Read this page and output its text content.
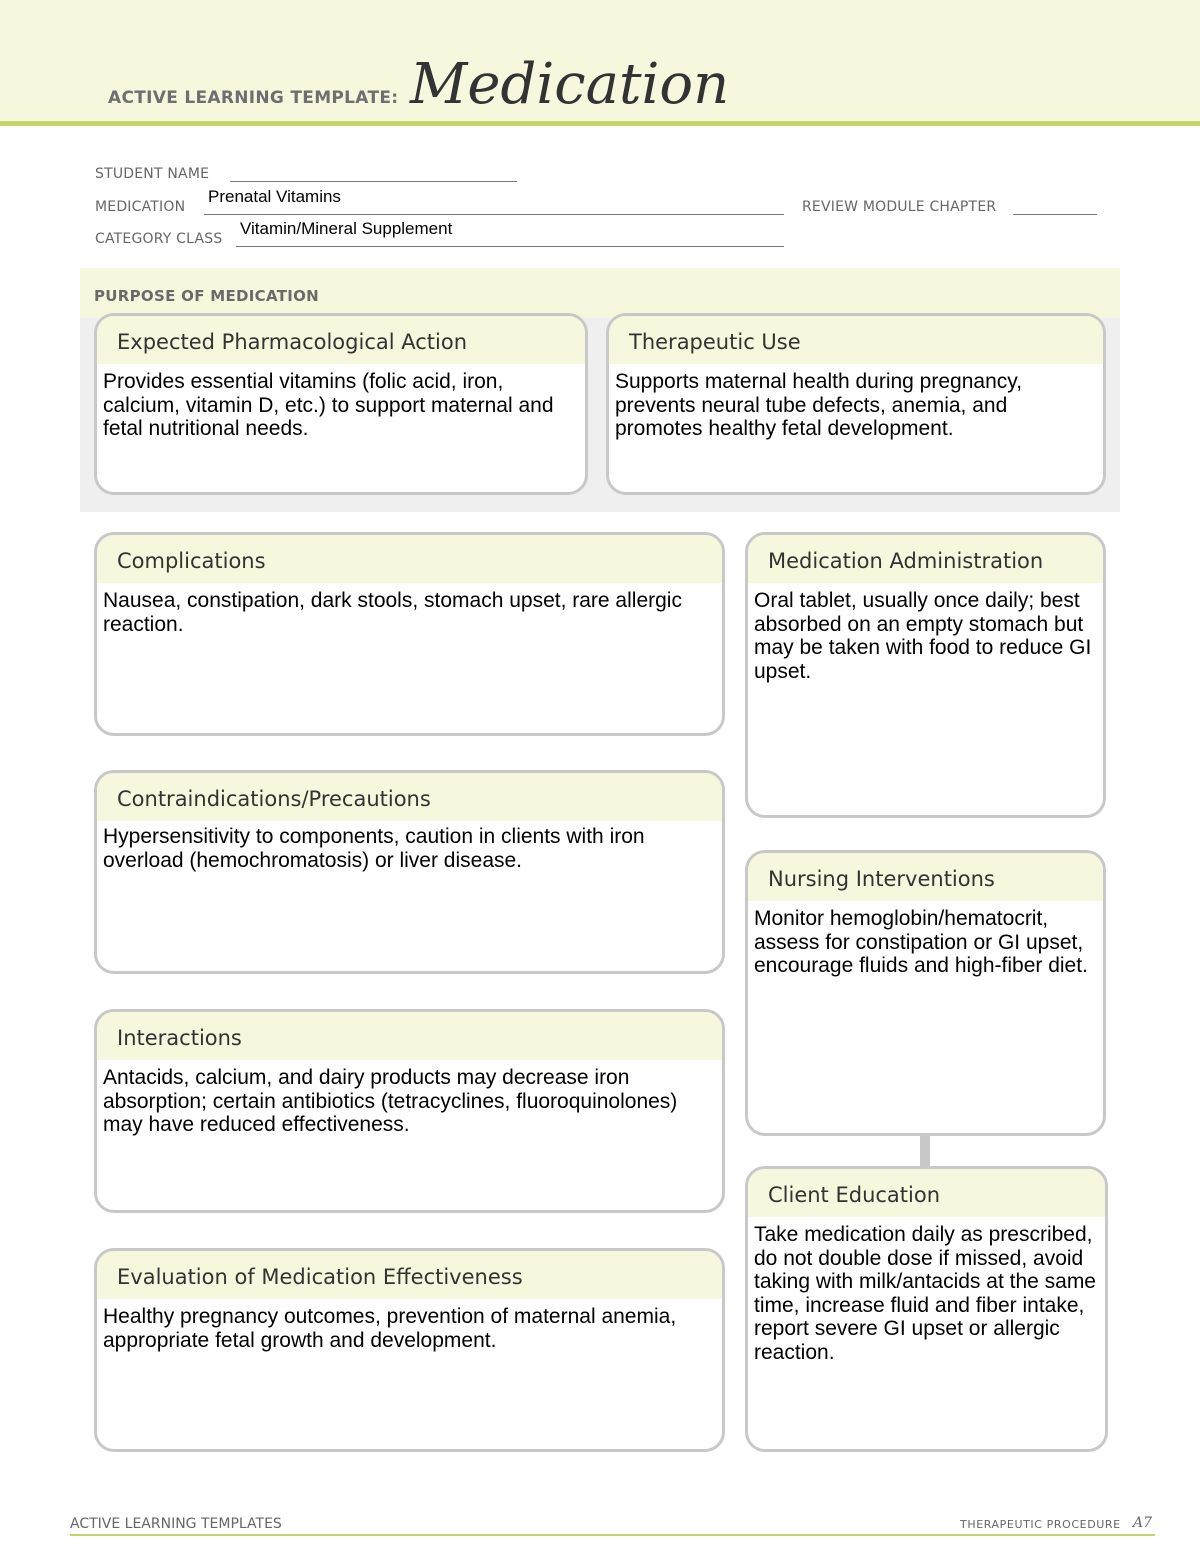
ACTIVE LEARNING TEMPLATE: Medication
STUDENT NAME
MEDICATION
Prenatal Vitamins
REVIEW MODULE CHAPTER
CATEGORY CLASS
Vitamin/Mineral Supplement
PURPOSE OF MEDICATION
Expected Pharmacological Action
Provides essential vitamins (folic acid, iron, calcium, vitamin D, etc.) to support maternal and fetal nutritional needs.
Therapeutic Use
Supports maternal health during pregnancy, prevents neural tube defects, anemia, and promotes healthy fetal development.
Complications
Nausea, constipation, dark stools, stomach upset, rare allergic reaction.
Contraindications/Precautions
Hypersensitivity to components, caution in clients with iron overload (hemochromatosis) or liver disease.
Interactions
Antacids, calcium, and dairy products may decrease iron absorption; certain antibiotics (tetracyclines, fluoroquinolones) may have reduced effectiveness.
Evaluation of Medication Effectiveness
Healthy pregnancy outcomes, prevention of maternal anemia, appropriate fetal growth and development.
Medication Administration
Oral tablet, usually once daily; best absorbed on an empty stomach but may be taken with food to reduce GI upset.
Nursing Interventions
Monitor hemoglobin/hematocrit, assess for constipation or GI upset, encourage fluids and high-fiber diet.
Client Education
Take medication daily as prescribed, do not double dose if missed, avoid taking with milk/antacids at the same time, increase fluid and fiber intake, report severe GI upset or allergic reaction.
ACTIVE LEARNING TEMPLATES	THERAPEUTIC PROCEDURE A7
